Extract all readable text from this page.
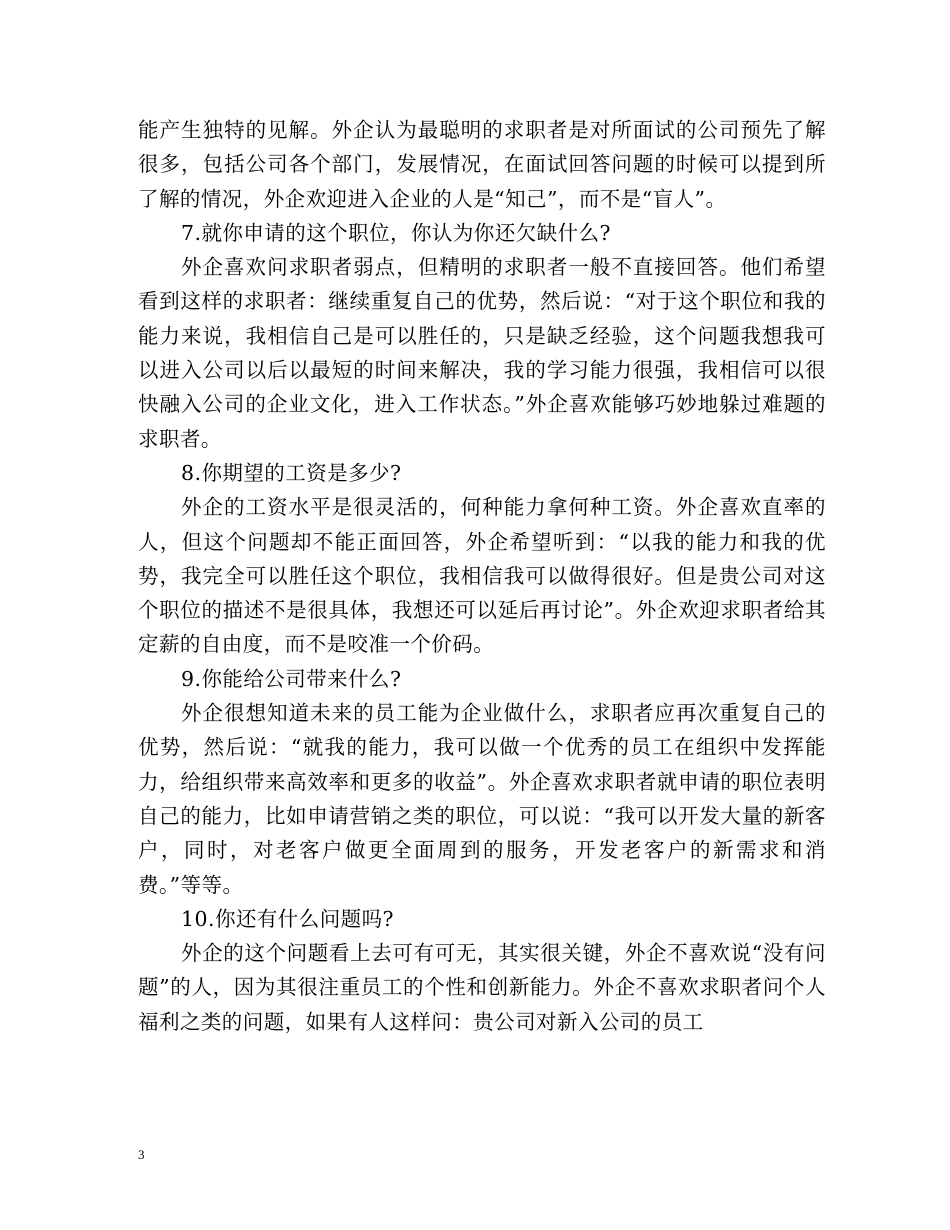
能产生独特的见解。外企认为最聪明的求职者是对所面试的公司预先了解很多，包括公司各个部门，发展情况，在面试回答问题的时候可以提到所了解的情况，外企欢迎进入企业的人是“知己”，而不是“盲人”。

7.就你申请的这个职位，你认为你还欠缺什么?

外企喜欢问求职者弱点，但精明的求职者一般不直接回答。他们希望看到这样的求职者：继续重复自己的优势，然后说：“对于这个职位和我的能力来说，我相信自己是可以胜任的，只是缺乏经验，这个问题我想我可以进入公司以后以最短的时间来解决，我的学习能力很强，我相信可以很快融入公司的企业文化，进入工作状态。”外企喜欢能够巧妙地躲过难题的求职者。

8.你期望的工资是多少?

外企的工资水平是很灵活的，何种能力拿何种工资。外企喜欢直率的人，但这个问题却不能正面回答，外企希望听到：“以我的能力和我的优势，我完全可以胜任这个职位，我相信我可以做得很好。但是贵公司对这个职位的描述不是很具体，我想还可以延后再讨论”。外企欢迎求职者给其定薪的自由度，而不是咬准一个价码。

9.你能给公司带来什么?

外企很想知道未来的员工能为企业做什么，求职者应再次重复自己的优势，然后说：“就我的能力，我可以做一个优秀的员工在组织中发挥能力，给组织带来高效率和更多的收益”。外企喜欢求职者就申请的职位表明自己的能力，比如申请营销之类的职位，可以说：“我可以开发大量的新客户，同时，对老客户做更全面周到的服务，开发老客户的新需求和消费。”等等。

10.你还有什么问题吗?

外企的这个问题看上去可有可无，其实很关键，外企不喜欢说“没有问题”的人，因为其很注重员工的个性和创新能力。外企不喜欢求职者问个人福利之类的问题，如果有人这样问：贵公司对新入公司的员工

3
